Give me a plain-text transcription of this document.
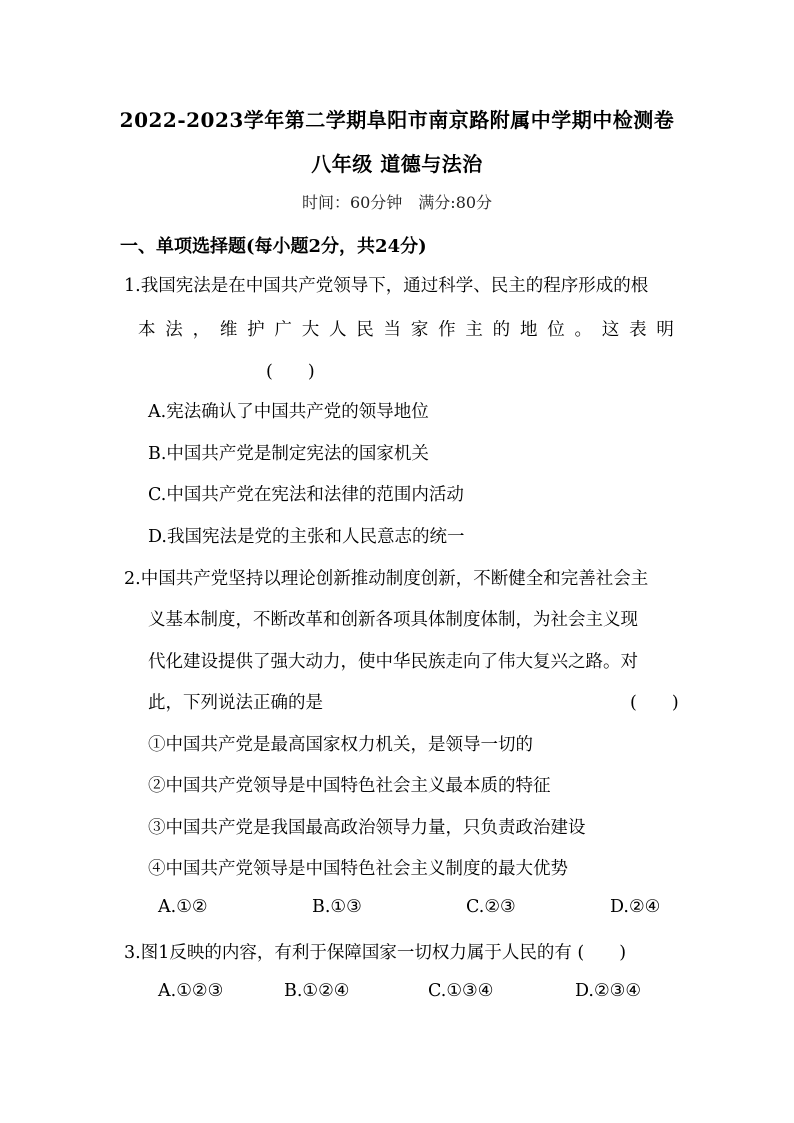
2022-2023学年第二学期阜阳市南京路附属中学期中检测卷
八年级 道德与法治
时间：60分钟　满分:80分
一、单项选择题(每小题2分，共24分)
1.我国宪法是在中国共产党领导下，通过科学、民主的程序形成的根
本 法 ， 维 护 广 大 人 民 当 家 作 主 的 地 位 。 这 表 明
(　　)
A.宪法确认了中国共产党的领导地位
B.中国共产党是制定宪法的国家机关
C.中国共产党在宪法和法律的范围内活动
D.我国宪法是党的主张和人民意志的统一
2.中国共产党坚持以理论创新推动制度创新，不断健全和完善社会主
义基本制度，不断改革和创新各项具体制度体制，为社会主义现
代化建设提供了强大动力，使中华民族走向了伟大复兴之路。对
此，下列说法正确的是	(　　)
①中国共产党是最高国家权力机关，是领导一切的
②中国共产党领导是中国特色社会主义最本质的特征
③中国共产党是我国最高政治领导力量，只负责政治建设
④中国共产党领导是中国特色社会主义制度的最大优势
A.①②	B.①③	C.②③	D.②④
3.图1反映的内容，有利于保障国家一切权力属于人民的有 (　　)
A.①②③	B.①②④	C.①③④	D.②③④
